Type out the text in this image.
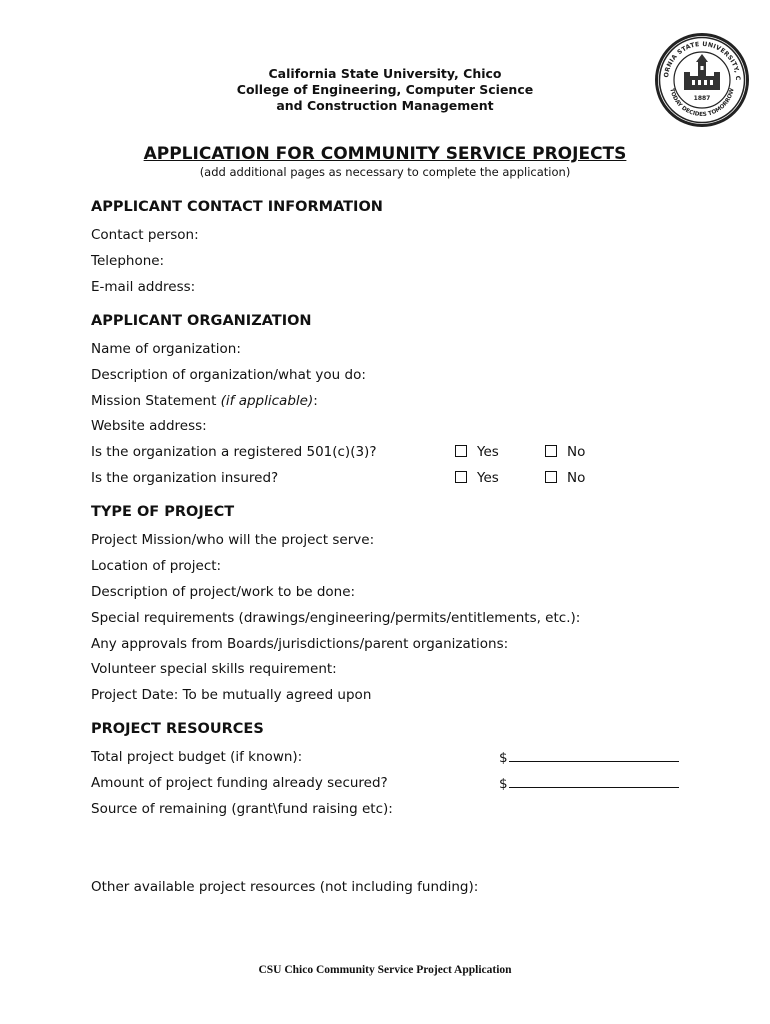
California State University, Chico
College of Engineering, Computer Science
and Construction Management
ORNIA STATE UNIVERSITY, C
TODAY DECIDES TOMORROW
1887
APPLICATION FOR COMMUNITY SERVICE PROJECTS
(add additional pages as necessary to complete the application)
APPLICANT CONTACT INFORMATION
Contact person:
Telephone:
E-mail address:
APPLICANT ORGANIZATION
Name of organization:
Description of organization/what you do:
Mission Statement (if applicable):
Website address:
Is the organization a registered 501(c)(3)?	Yes	No
Is the organization insured?	Yes	No
TYPE OF PROJECT
Project Mission/who will the project serve:
Location of project:
Description of project/work to be done:
Special requirements (drawings/engineering/permits/entitlements, etc.):
Any approvals from Boards/jurisdictions/parent organizations:
Volunteer special skills requirement:
Project Date: To be mutually agreed upon
PROJECT RESOURCES
Total project budget (if known):	$
Amount of project funding already secured?	$
Source of remaining (grant\fund raising etc):
Other available project resources (not including funding):
CSU Chico Community Service Project Application
